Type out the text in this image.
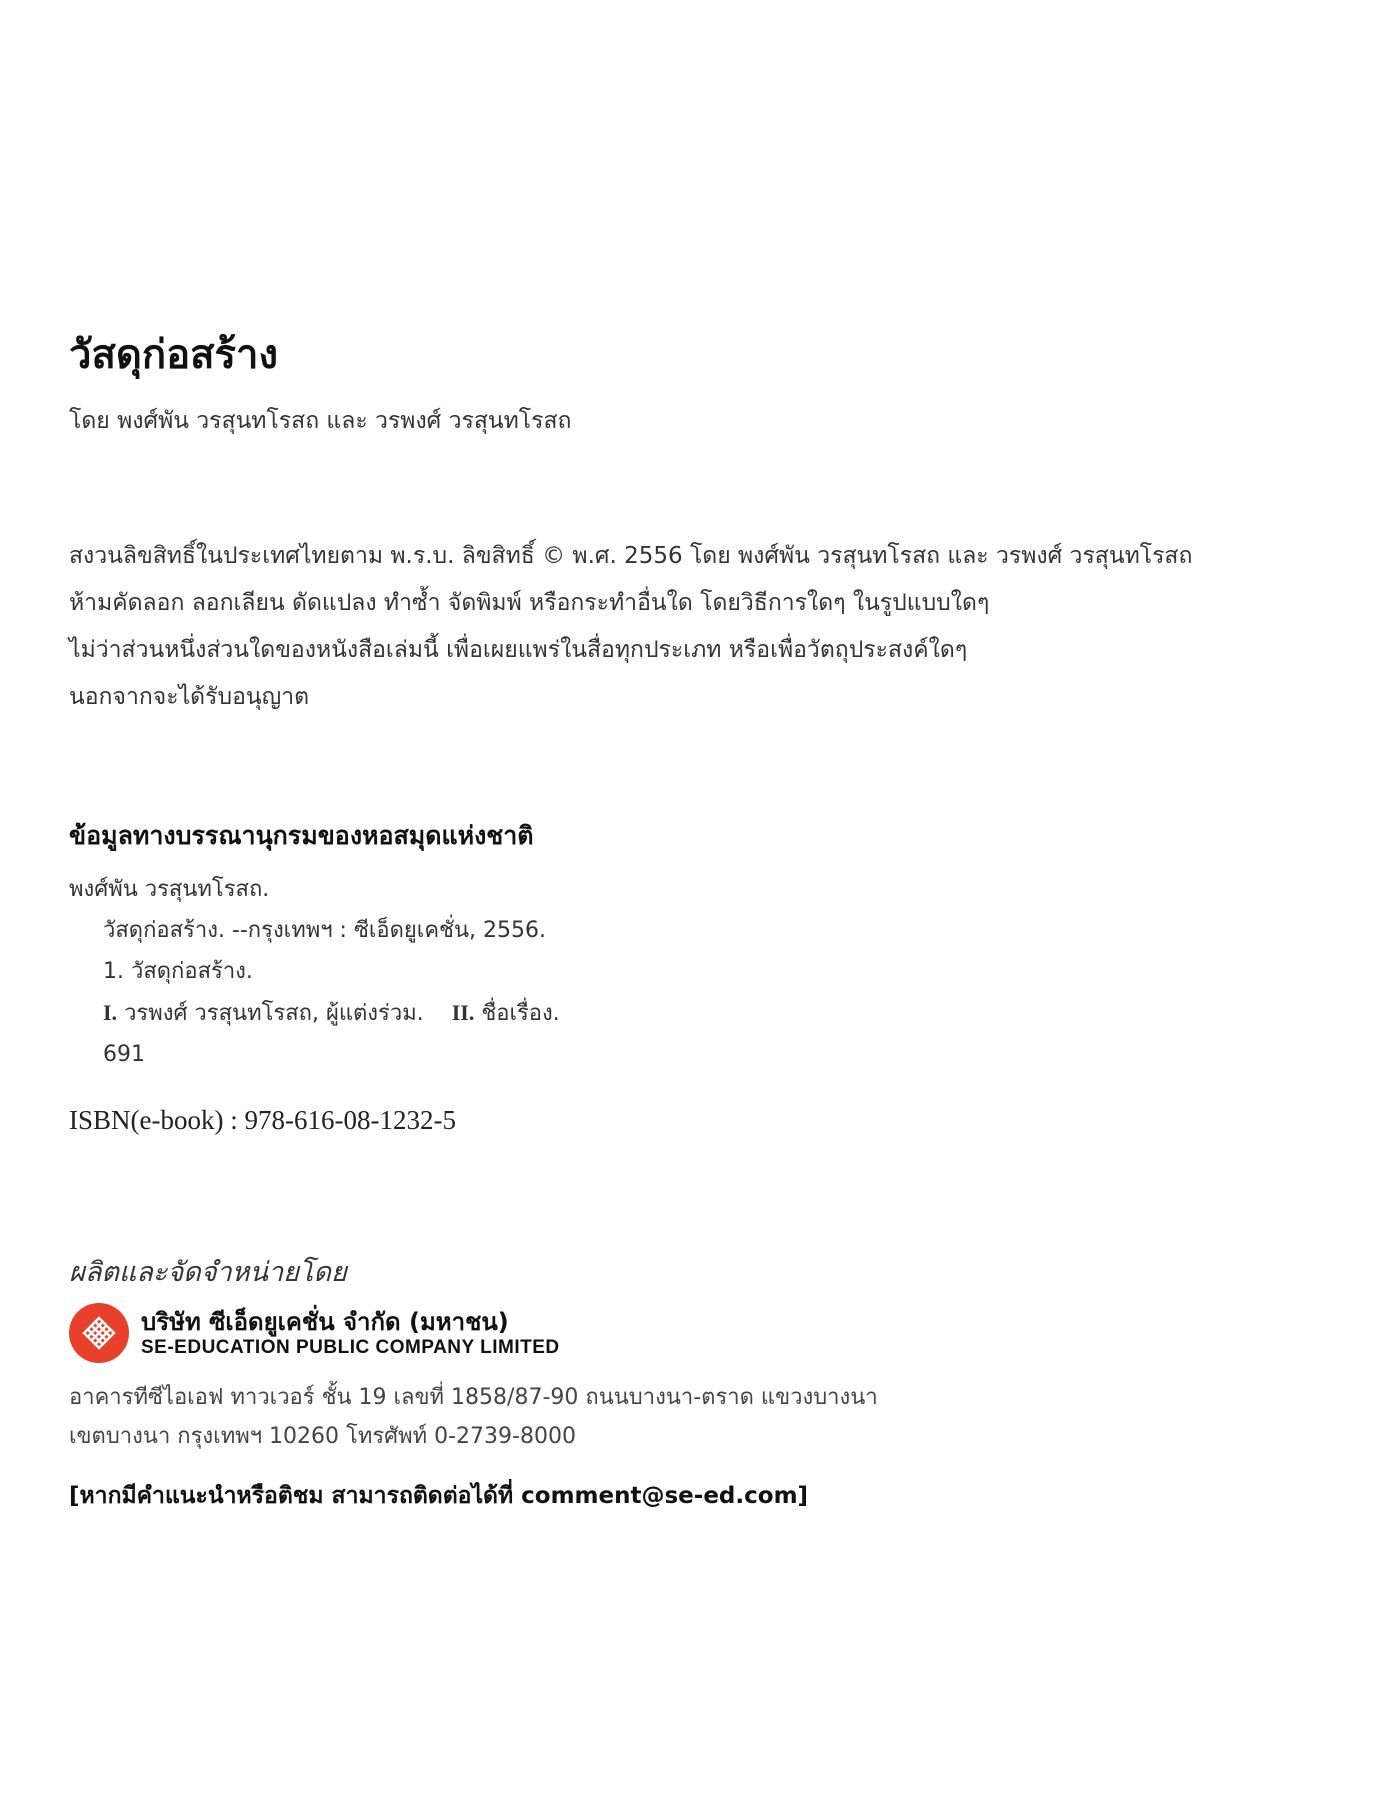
วัสดุก่อสร้าง
โดย พงศ์พัน วรสุนทโรสถ และ วรพงศ์ วรสุนทโรสถ
สงวนลิขสิทธิ์ในประเทศไทยตาม พ.ร.บ. ลิขสิทธิ์ © พ.ศ. 2556 โดย พงศ์พัน วรสุนทโรสถ และ วรพงศ์ วรสุนทโรสถ
ห้ามคัดลอก ลอกเลียน ดัดแปลง ทำซ้ำ จัดพิมพ์ หรือกระทำอื่นใด โดยวิธีการใดๆ ในรูปแบบใดๆ
ไม่ว่าส่วนหนึ่งส่วนใดของหนังสือเล่มนี้ เพื่อเผยแพร่ในสื่อทุกประเภท หรือเพื่อวัตถุประสงค์ใดๆ
นอกจากจะได้รับอนุญาต
ข้อมูลทางบรรณานุกรมของหอสมุดแห่งชาติ
พงศ์พัน วรสุนทโรสถ.
วัสดุก่อสร้าง. --กรุงเทพฯ : ซีเอ็ดยูเคชั่น, 2556.
1. วัสดุก่อสร้าง.
I. วรพงศ์ วรสุนทโรสถ, ผู้แต่งร่วม. II. ชื่อเรื่อง.
691
ISBN(e-book) : 978-616-08-1232-5
ผลิตและจัดจำหน่ายโดย
บริษัท ซีเอ็ดยูเคชั่น จำกัด (มหาชน)
SE-EDUCATION PUBLIC COMPANY LIMITED
อาคารทีซีไอเอฟ ทาวเวอร์ ชั้น 19 เลขที่ 1858/87-90 ถนนบางนา-ตราด แขวงบางนา
เขตบางนา กรุงเทพฯ 10260 โทรศัพท์ 0-2739-8000
[หากมีคำแนะนำหรือติชม สามารถติดต่อได้ที่ comment@se-ed.com]
